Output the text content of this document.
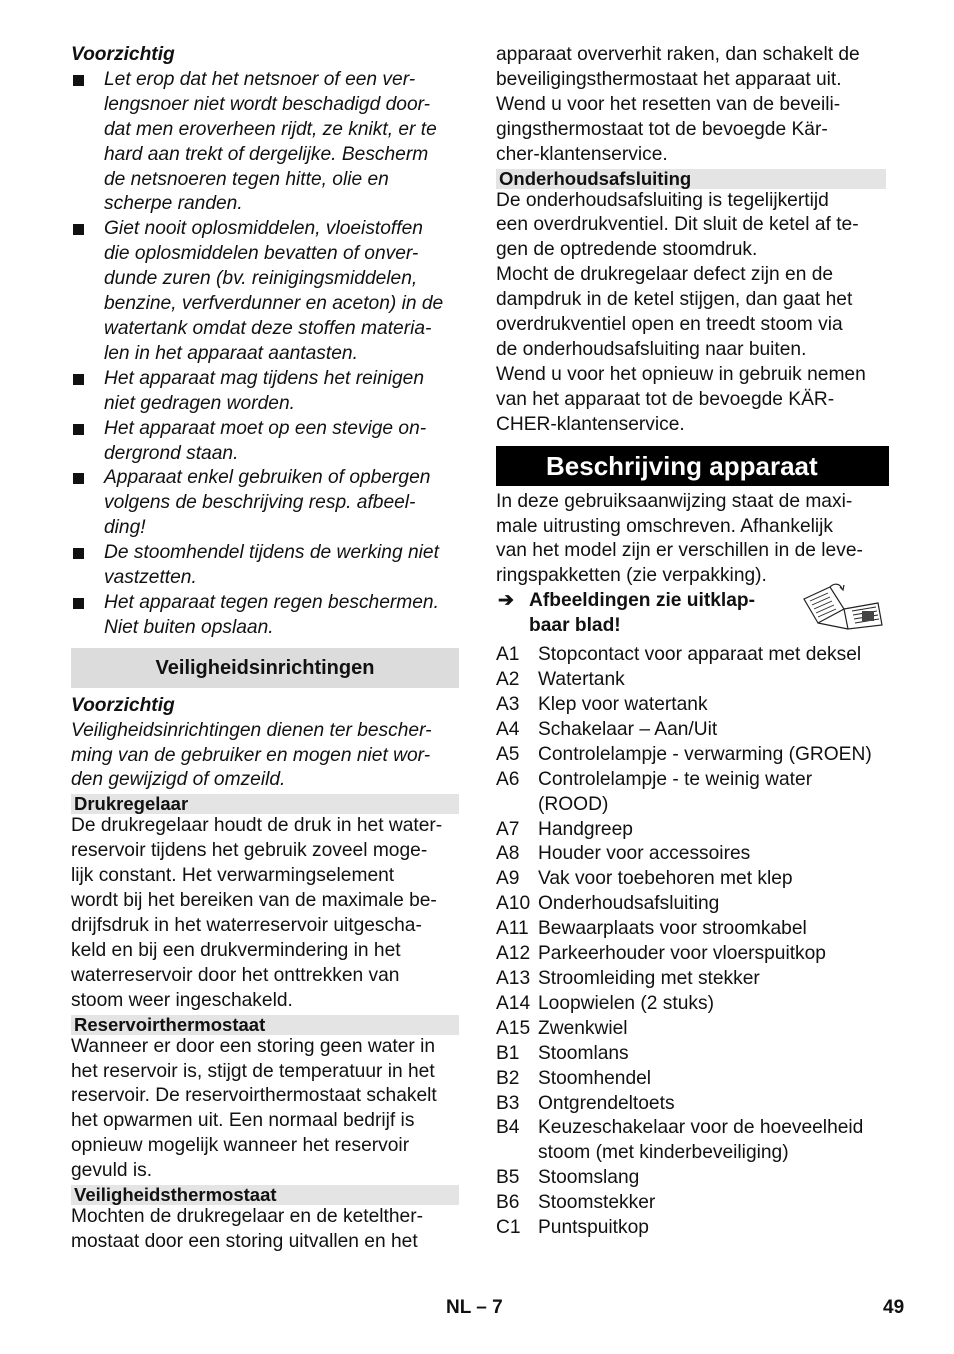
Voorzichtig

Let erop dat het netsnoer of een ver-
lengsnoer niet wordt beschadigd door-
dat men eroverheen rijdt, ze knikt, er te
hard aan trekt of dergelijke. Bescherm
de netsnoeren tegen hitte, olie en
scherpe randen.
Giet nooit oplosmiddelen, vloeistoffen
die oplosmiddelen bevatten of onver-
dunde zuren (bv. reinigingsmiddelen,
benzine, verfverdunner en aceton) in de
watertank omdat deze stoffen materia-
len in het apparaat aantasten.
Het apparaat mag tijdens het reinigen
niet gedragen worden.
Het apparaat moet op een stevige on-
dergrond staan.
Apparaat enkel gebruiken of opbergen
volgens de beschrijving resp. afbeel-
ding!
De stoomhendel tijdens de werking niet
vastzetten.
Het apparaat tegen regen beschermen.
Niet buiten opslaan.
Veiligheidsinrichtingen

Voorzichtig

Veiligheidsinrichtingen dienen ter bescher-
ming van de gebruiker en mogen niet wor-
den gewijzigd of omzeild.

Drukregelaar

De drukregelaar houdt de druk in het water-
reservoir tijdens het gebruik zoveel moge-
lijk constant. Het verwarmingselement
wordt bij het bereiken van de maximale be-
drijfsdruk in het waterreservoir uitgescha-
keld en bij een drukvermindering in het
waterreservoir door het onttrekken van
stoom weer ingeschakeld.

Reservoirthermostaat

Wanneer er door een storing geen water in
het reservoir is, stijgt de temperatuur in het
reservoir. De reservoirthermostaat schakelt
het opwarmen uit. Een normaal bedrijf is
opnieuw mogelijk wanneer het reservoir
gevuld is.

Veiligheidsthermostaat

Mochten de drukregelaar en de ketelther-
mostaat door een storing uitvallen en het

apparaat oververhit raken, dan schakelt de
beveiligingsthermostaat het apparaat uit.
Wend u voor het resetten van de beveili-
gingsthermostaat tot de bevoegde Kär-
cher-klantenservice.

Onderhoudsafsluiting

De onderhoudsafsluiting is tegelijkertijd
een overdrukventiel. Dit sluit de ketel af te-
gen de optredende stoomdruk.
Mocht de drukregelaar defect zijn en de
dampdruk in de ketel stijgen, dan gaat het
overdrukventiel open en treedt stoom via
de onderhoudsafsluiting naar buiten.
Wend u voor het opnieuw in gebruik nemen
van het apparaat tot de bevoegde KÄR-
CHER-klantenservice.

Beschrijving apparaat

In deze gebruiksaanwijzing staat de maxi-
male uitrusting omschreven. Afhankelijk
van het model zijn er verschillen in de leve-
ringspakketten (zie verpakking).

➔ Afbeeldingen zie uitklap-
baar blad!
A1 Stopcontact voor apparaat met deksel
A2 Watertank
A3 Klep voor watertank
A4 Schakelaar – Aan/Uit
A5 Controlelampje - verwarming (GROEN)
A6 Controlelampje - te weinig water (ROOD)
A7 Handgreep
A8 Houder voor accessoires
A9 Vak voor toebehoren met klep
A10 Onderhoudsafsluiting
A11 Bewaarplaats voor stroomkabel
A12 Parkeerhouder voor vloerspuitkop
A13 Stroomleiding met stekker
A14 Loopwielen (2 stuks)
A15 Zwenkwiel
B1 Stoomlans
B2 Stoomhendel
B3 Ontgrendeltoets
B4 Keuzeschakelaar voor de hoeveelheid stoom (met kinderbeveiliging)
B5 Stoomslang
B6 Stoomstekker
C1 Puntspuitkop
NL – 7	49
